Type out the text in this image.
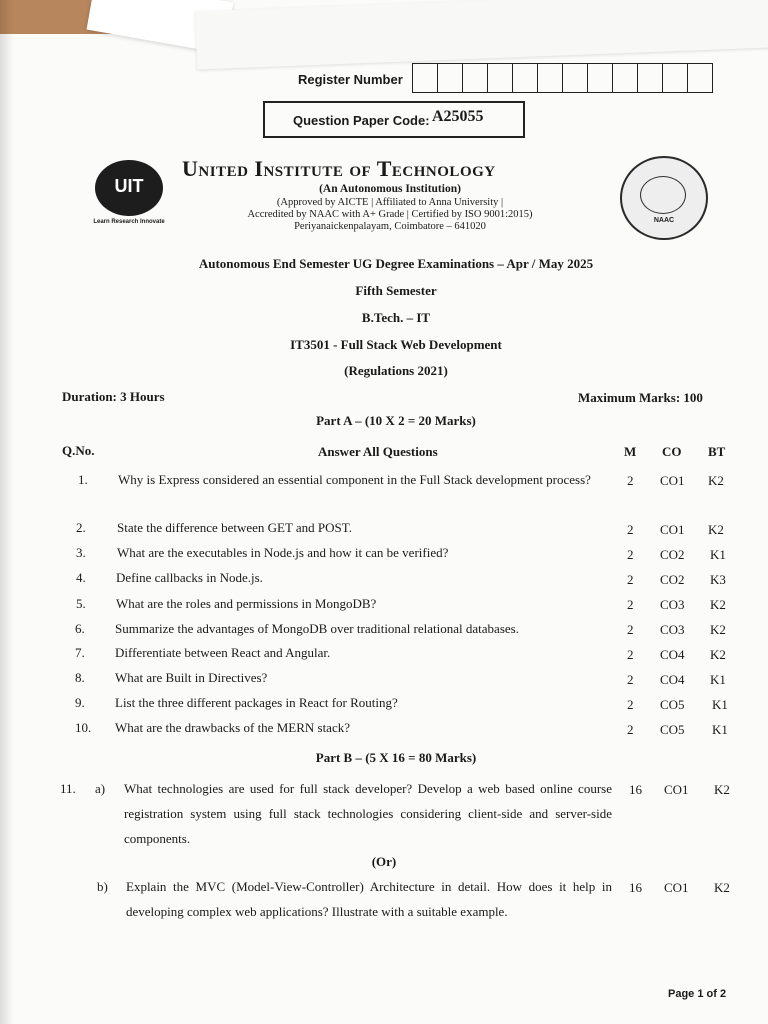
Register Number
Question Paper Code: A25055
UIT
Learn Research Innovate	NAAC
United Institute of Technology
(An Autonomous Institution)
(Approved by AICTE | Affiliated to Anna University |
Accredited by NAAC with A+ Grade | Certified by ISO 9001:2015)
Periyanaickenpalayam, Coimbatore – 641020
Autonomous End Semester UG Degree Examinations – Apr / May 2025
Fifth Semester
B.Tech. – IT
IT3501 - Full Stack Web Development
(Regulations 2021)
Duration: 3 Hours	Maximum Marks: 100
Part A – (10 X 2 = 20 Marks)
Q.No.	Answer All Questions	M CO BT
1. Why is Express considered an essential component in the Full Stack development process?	2 CO1 K2
2. State the difference between GET and POST.	2 CO1 K2
3. What are the executables in Node.js and how it can be verified?	2 CO2 K1
4. Define callbacks in Node.js.	2 CO2 K3
5. What are the roles and permissions in MongoDB?	2 CO3 K2
6. Summarize the advantages of MongoDB over traditional relational databases.	2 CO3 K2
7. Differentiate between React and Angular.	2 CO4 K2
8. What are Built in Directives?	2 CO4 K1
9. List the three different packages in React for Routing?	2 CO5 K1
10. What are the drawbacks of the MERN stack?	2 CO5 K1
Part B – (5 X 16 = 80 Marks)
11. a) What technologies are used for full stack developer? Develop a web based online course registration system using full stack technologies considering client-side and server-side components.
16 CO1 K2
(Or)
b) Explain the MVC (Model-View-Controller) Architecture in detail. How does it help in developing complex web applications? Illustrate with a suitable example.
16 CO1 K2
Page 1 of 2
